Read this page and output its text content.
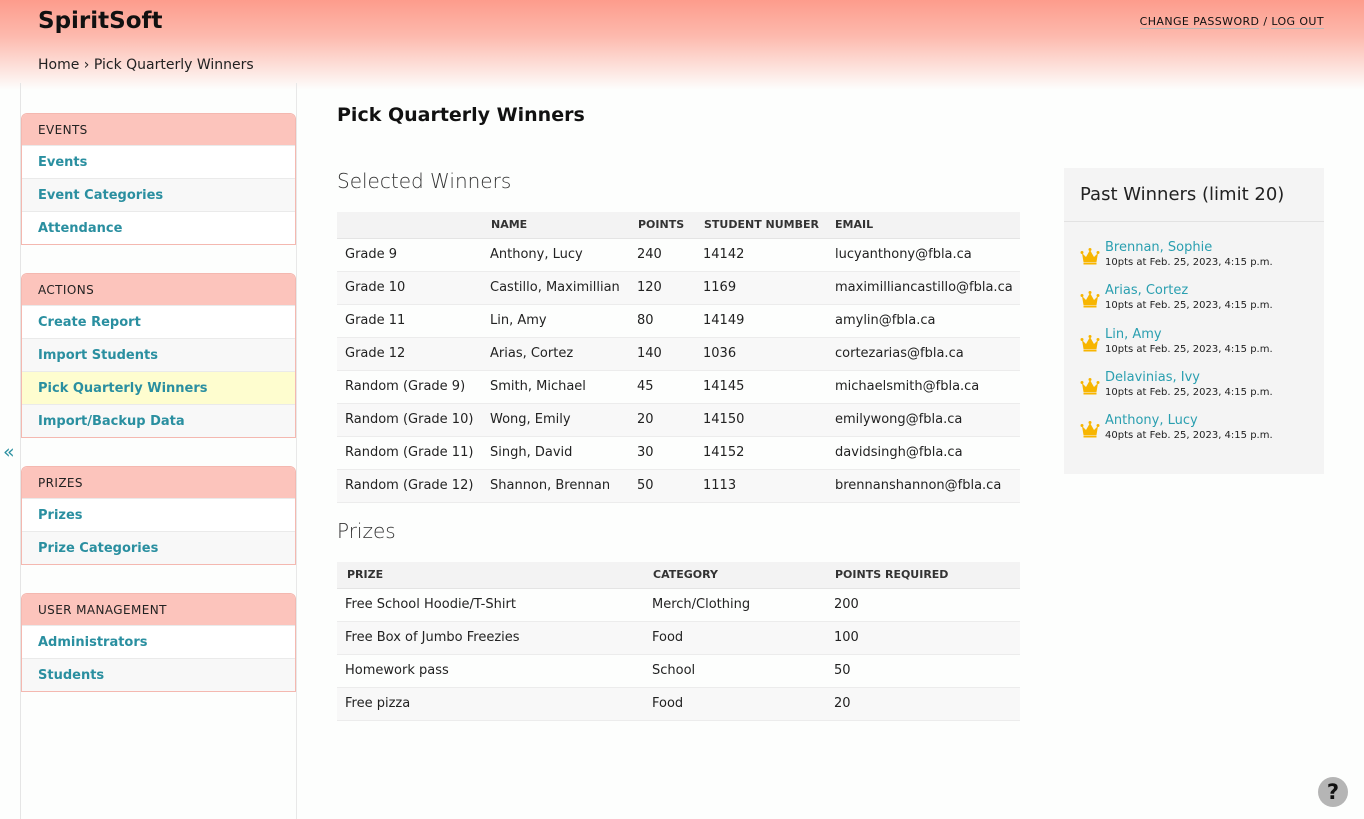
SpiritSoft	CHANGE PASSWORD / LOG OUT
Home › Pick Quarterly Winners
«
EVENTS
Events
Event Categories
Attendance
ACTIONS
Create Report
Import Students
Pick Quarterly Winners
Import/Backup Data
PRIZES
Prizes
Prize Categories
USER MANAGEMENT
Administrators
Students
Pick Quarterly Winners
Selected Winners
	NAME	POINTS	STUDENT NUMBER	EMAIL
Grade 9	Anthony, Lucy	240	14142	lucyanthony@fbla.ca
Grade 10	Castillo, Maximillian	120	1169	maximilliancastillo@fbla.ca
Grade 11	Lin, Amy	80	14149	amylin@fbla.ca
Grade 12	Arias, Cortez	140	1036	cortezarias@fbla.ca
Random (Grade 9)	Smith, Michael	45	14145	michaelsmith@fbla.ca
Random (Grade 10)	Wong, Emily	20	14150	emilywong@fbla.ca
Random (Grade 11)	Singh, David	30	14152	davidsingh@fbla.ca
Random (Grade 12)	Shannon, Brennan	50	1113	brennanshannon@fbla.ca
Prizes
PRIZE	CATEGORY	POINTS REQUIRED
Free School Hoodie/T-Shirt	Merch/Clothing	200
Free Box of Jumbo Freezies	Food	100
Homework pass	School	50
Free pizza	Food	20
Past Winners (limit 20)
Brennan, Sophie
10pts at Feb. 25, 2023, 4:15 p.m.
Arias, Cortez
10pts at Feb. 25, 2023, 4:15 p.m.
Lin, Amy
10pts at Feb. 25, 2023, 4:15 p.m.
Delavinias, Ivy
10pts at Feb. 25, 2023, 4:15 p.m.
Anthony, Lucy
40pts at Feb. 25, 2023, 4:15 p.m.
?
